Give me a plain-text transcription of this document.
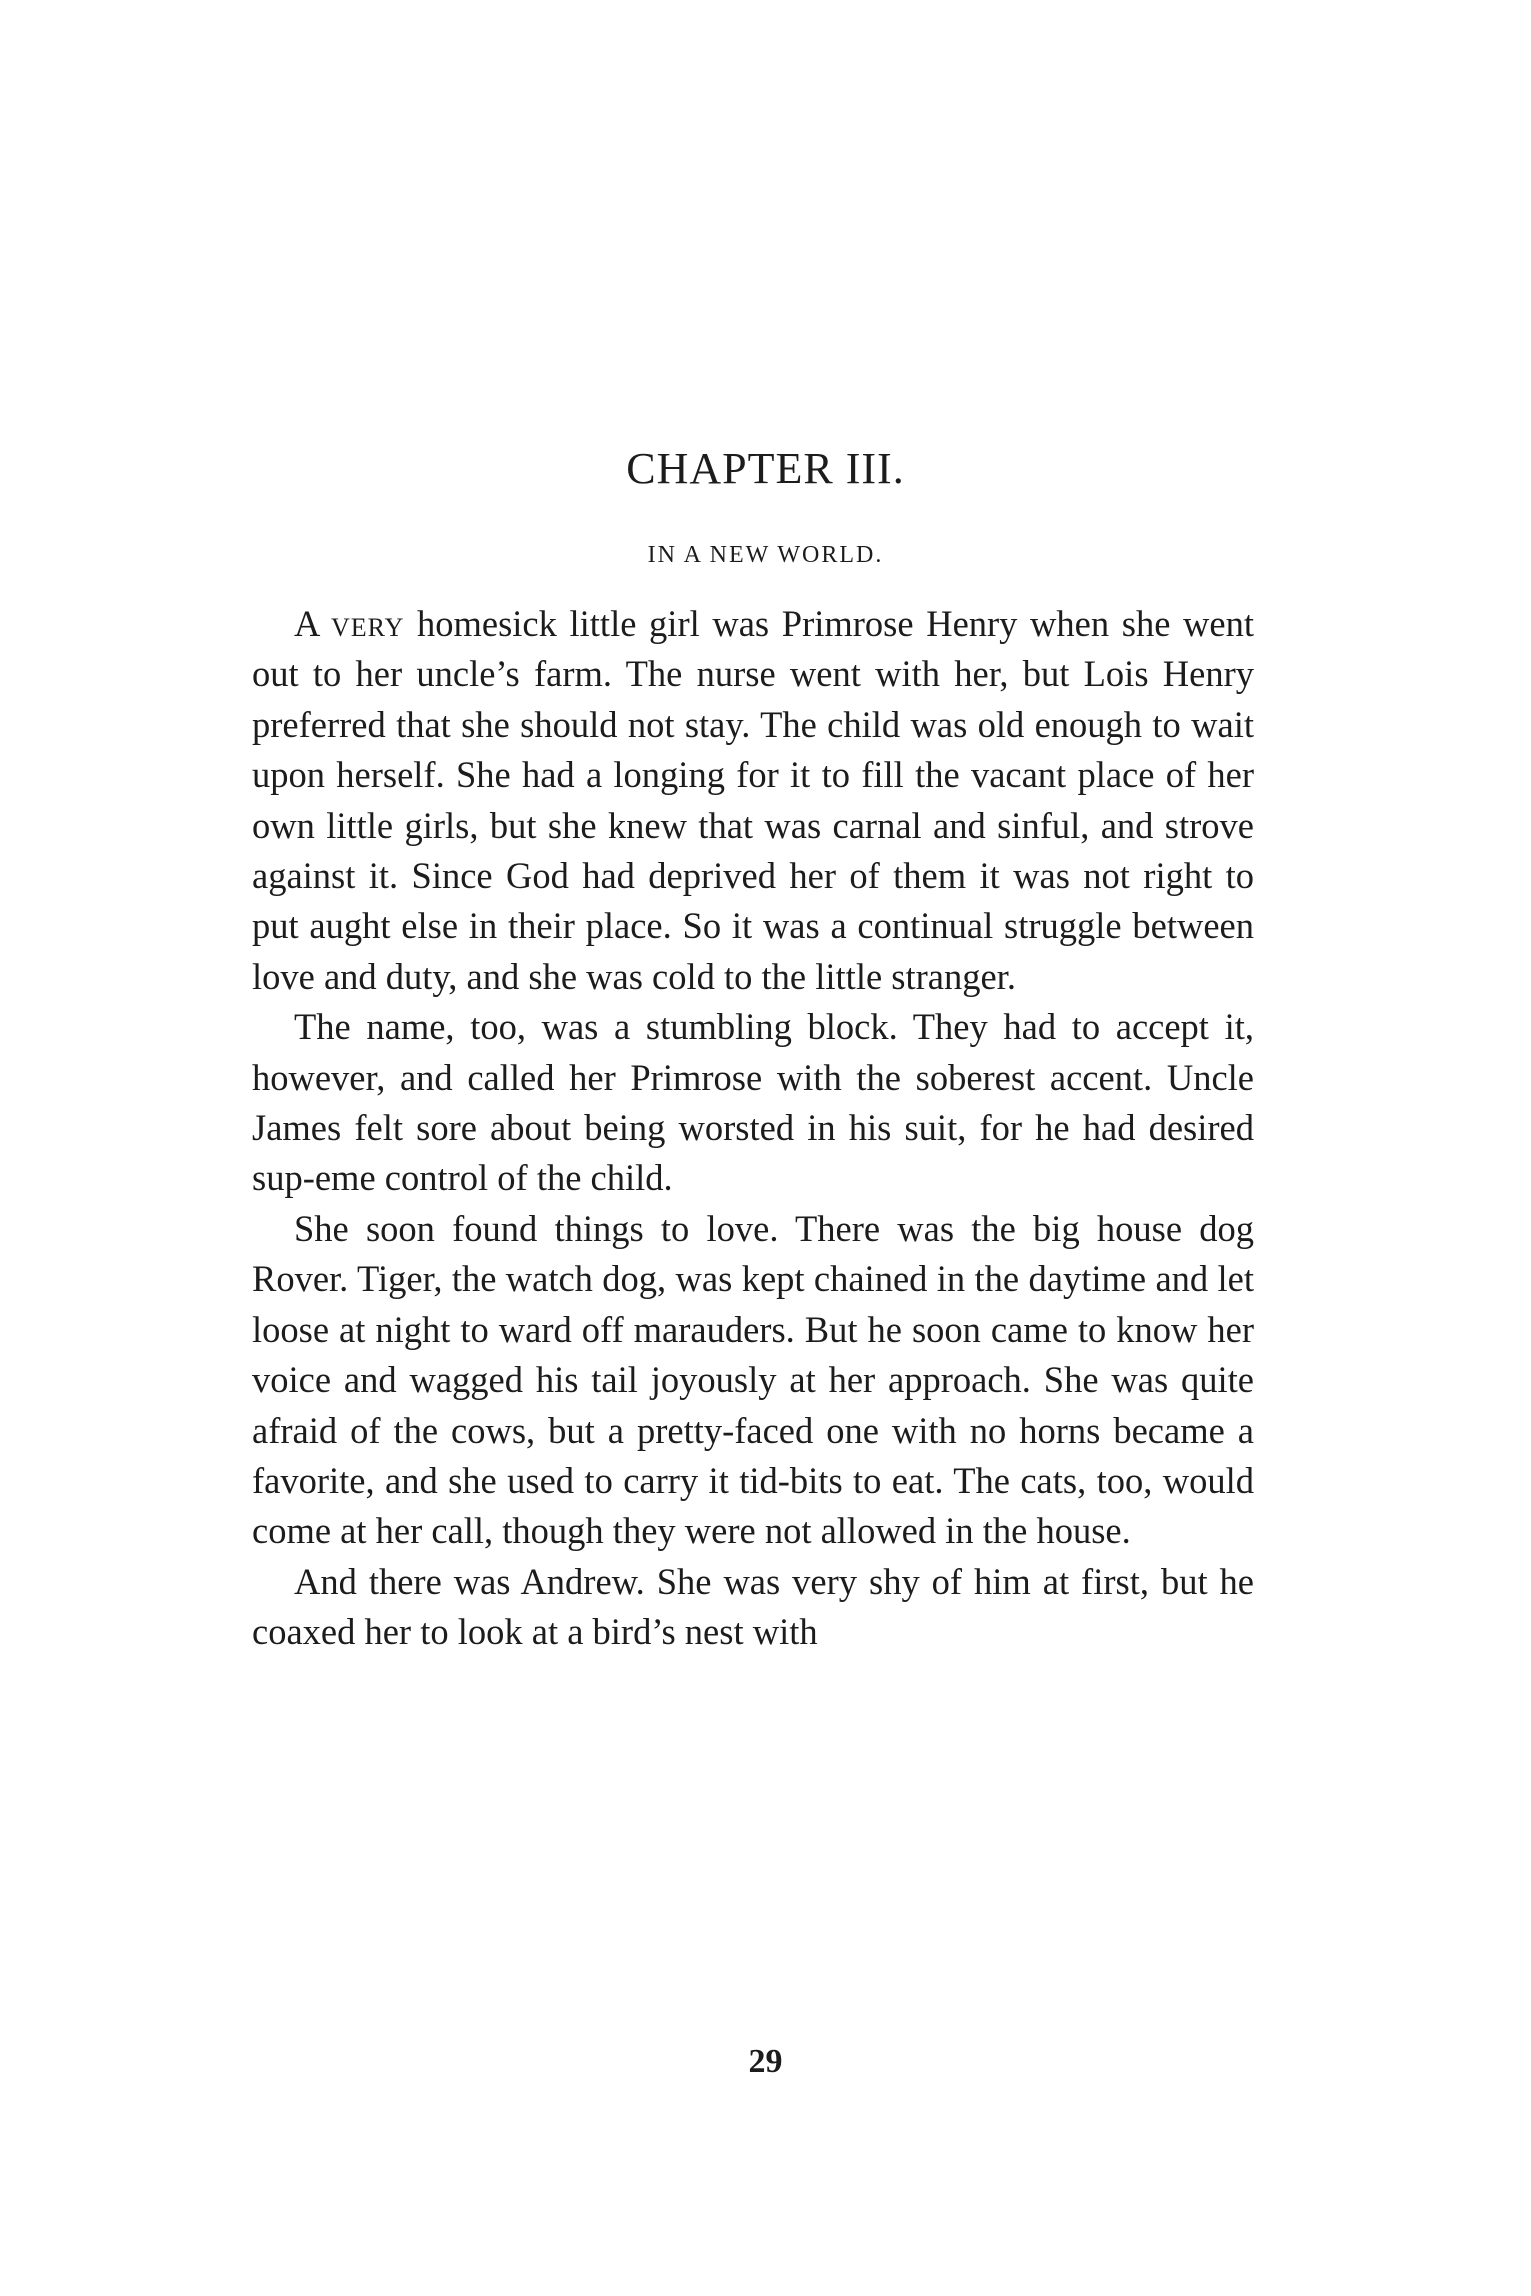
CHAPTER III.
IN A NEW WORLD.

A very homesick little girl was Primrose Henry when she went out to her uncle’s farm. The nurse went with her, but Lois Henry preferred that she should not stay. The child was old enough to wait upon herself. She had a longing for it to fill the vacant place of her own little girls, but she knew that was carnal and sinful, and strove against it. Since God had deprived her of them it was not right to put aught else in their place. So it was a continual struggle between love and duty, and she was cold to the little stranger.

The name, too, was a stumbling block. They had to accept it, however, and called her Primrose with the soberest accent. Uncle James felt sore about being worsted in his suit, for he had desired sup‑eme control of the child.

She soon found things to love. There was the big house dog Rover. Tiger, the watch dog, was kept chained in the daytime and let loose at night to ward off marauders. But he soon came to know her voice and wagged his tail joyously at her approach. She was quite afraid of the cows, but a pretty-faced one with no horns became a favorite, and she used to carry it tid-bits to eat. The cats, too, would come at her call, though they were not allowed in the house.

And there was Andrew. She was very shy of him at first, but he coaxed her to look at a bird’s nest with

29
